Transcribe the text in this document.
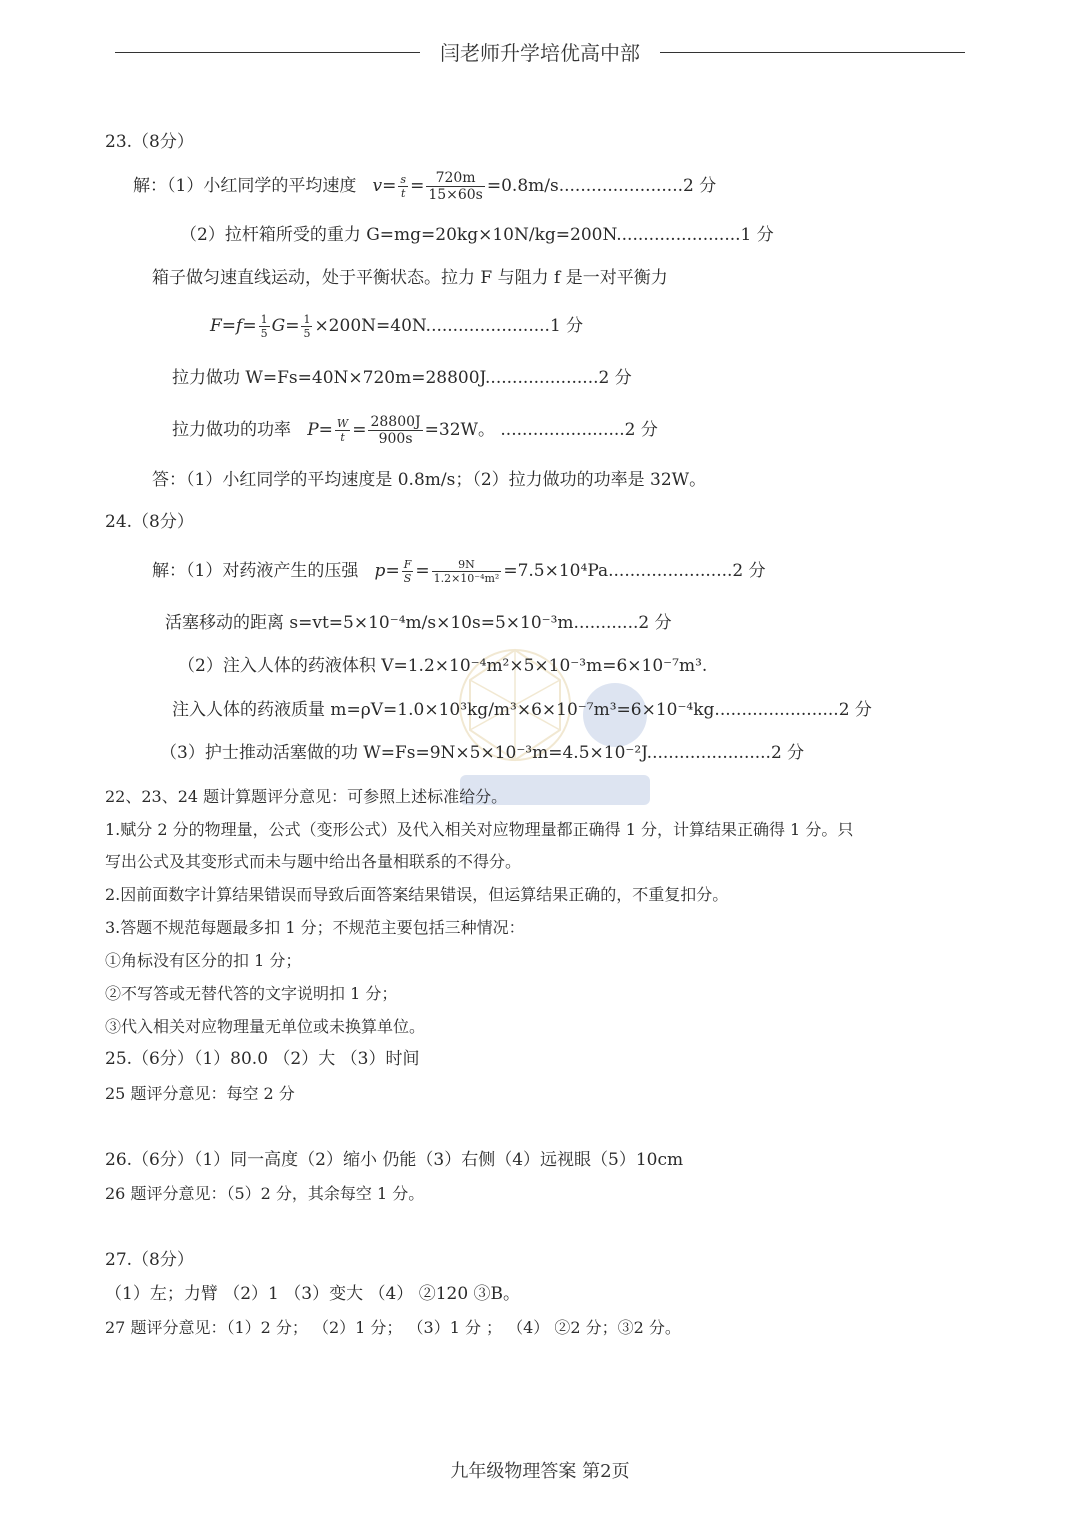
闫老师升学培优高中部
23.（8分）
解：（1）小红同学的平均速度 $v= \frac{s}{t} = \frac{720m}{15\times 60s} =0.8m/s.......................2$ 分
（2）拉杆箱所受的重力 G=mg=20kg×10N/kg=200N.......................1 分
箱子做匀速直线运动，处于平衡状态。拉力 F 与阻力 f 是一对平衡力
$F=f= \frac{1}{5} G= \frac{1}{5} \times 200N=40N.......................1$ 分
拉力做功 W=Fs=40N×720m=28800J.....................2 分
拉力做功的功率 $P= \frac{W}{t} = \frac{28800J}{900s} =32W$。 .......................2 分
答：（1）小红同学的平均速度是 0.8m/s；（2）拉力做功的功率是 32W。
24.（8分）
解：（1）对药液产生的压强 $p= \frac{F}{S} = \frac{9N}{\text{1.2×10⁻⁴m²}} =7.5\times 10^4Pa.......................2$ 分
活塞移动的距离 s=vt=5×10⁻⁴m/s×10s=5×10⁻³m............2 分
（2）注入人体的药液体积 V=1.2×10⁻⁴m²×5×10⁻³m=6×10⁻⁷m³.
注入人体的药液质量 m=ρV=1.0×10³kg/m³×6×10⁻⁷m³=6×10⁻⁴kg.......................2 分
（3）护士推动活塞做的功 W=Fs=9N×5×10⁻³m=4.5×10⁻²J.......................2 分
22、23、24 题计算题评分意见：可参照上述标准给分。
1.赋分 2 分的物理量，公式（变形公式）及代入相关对应物理量都正确得 1 分，计算结果正确得 1 分。只
写出公式及其变形式而未与题中给出各量相联系的不得分。
2.因前面数字计算结果错误而导致后面答案结果错误，但运算结果正确的，不重复扣分。
3.答题不规范每题最多扣 1 分；不规范主要包括三种情况：
①角标没有区分的扣 1 分；
②不写答或无替代答的文字说明扣 1 分；
③代入相关对应物理量无单位或未换算单位。
25.（6分）（1）80.0 （2）大 （3）时间
25 题评分意见：每空 2 分
26.（6分）（1）同一高度（2）缩小 仍能（3）右侧（4）远视眼（5）10cm
26 题评分意见：（5）2 分，其余每空 1 分。
27.（8分）
（1）左；力臂 （2）1 （3）变大 （4） ②120 ③B。
27 题评分意见：（1）2 分； （2）1 分； （3）1 分 ； （4） ②2 分；③2 分。
九年级物理答案 第2页
